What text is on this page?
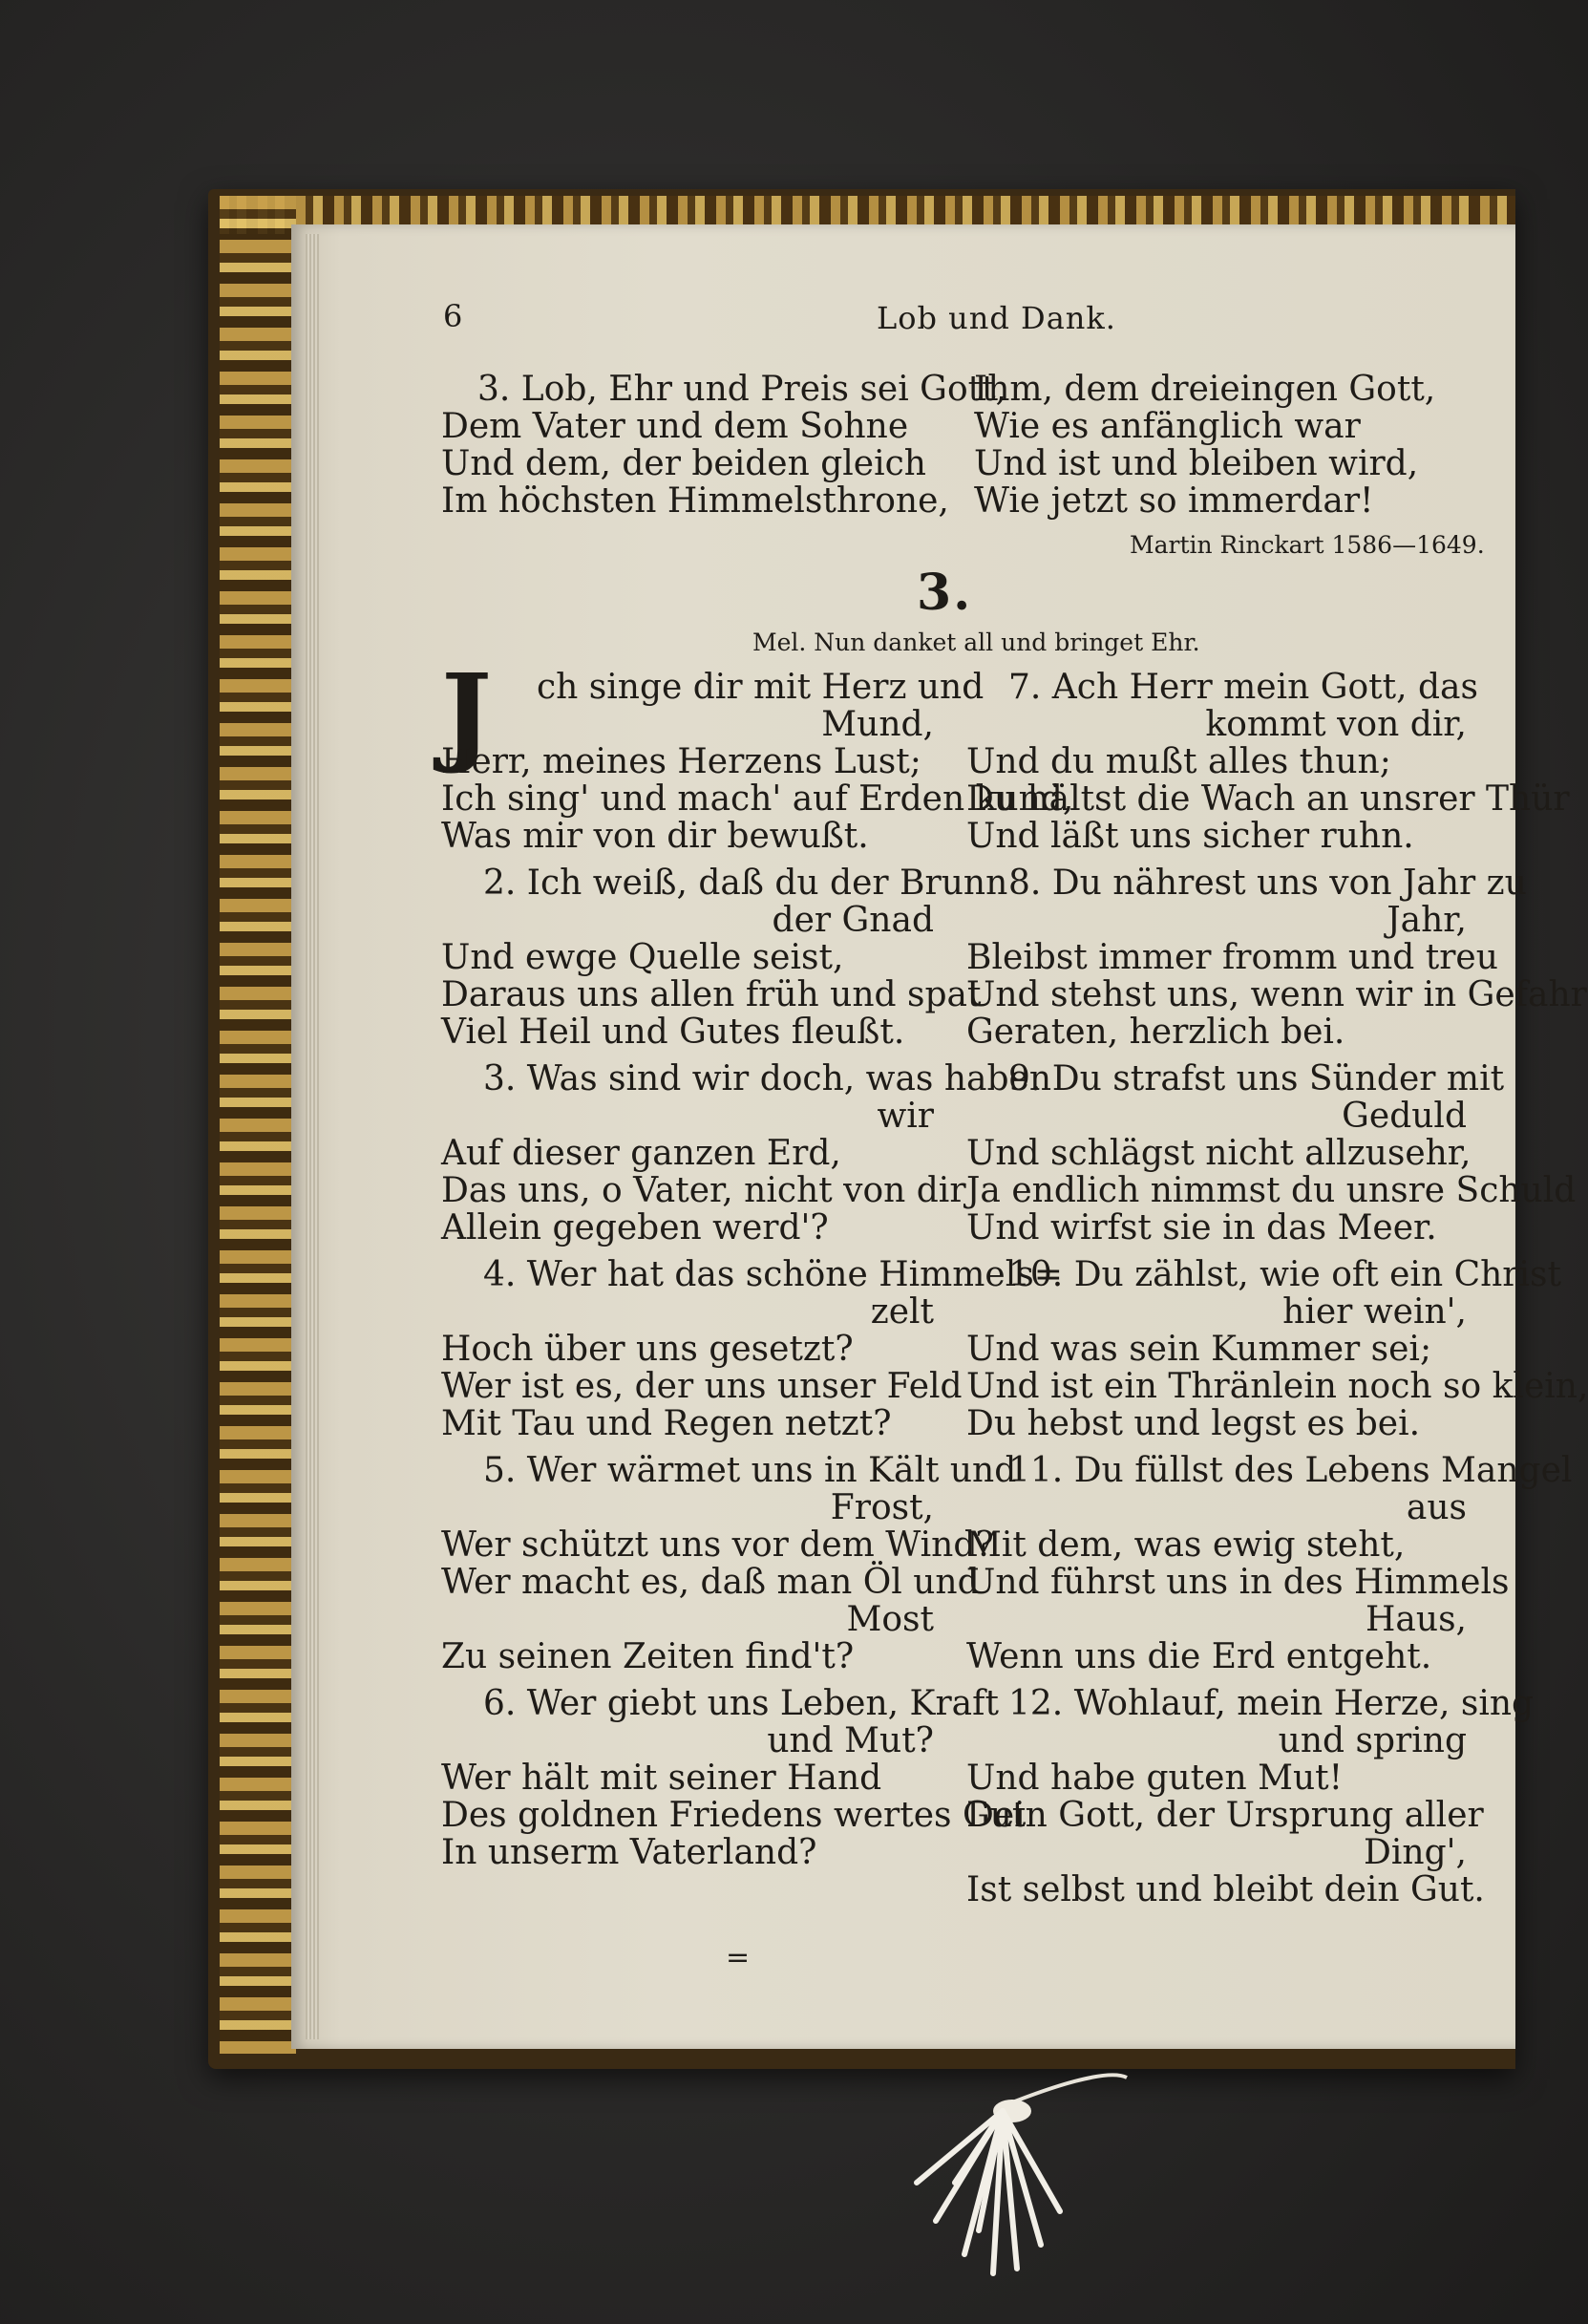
6	Lob und Dank.
3. Lob, Ehr und Preis sei Gott,
Dem Vater und dem Sohne
Und dem, der beiden gleich
Im höchsten Himmelsthrone,
Ihm, dem dreieingen Gott,
Wie es anfänglich war
Und ist und bleiben wird,
Wie jetzt so immerdar!
Martin Rinckart 1586—1649.
3.
Mel. Nun danket all und bringet Ehr.
J
=
ch singe dir mit Herz und
Mund,
Herr, meines Herzens Lust;
Ich sing' und mach' auf Erden kund,
Was mir von dir bewußt.
2. Ich weiß, daß du der Brunn
der Gnad
Und ewge Quelle seist,
Daraus uns allen früh und spat
Viel Heil und Gutes fleußt.
3. Was sind wir doch, was haben
wir
Auf dieser ganzen Erd,
Das uns, o Vater, nicht von dir
Allein gegeben werd'?
4. Wer hat das schöne Himmels=
zelt
Hoch über uns gesetzt?
Wer ist es, der uns unser Feld
Mit Tau und Regen netzt?
5. Wer wärmet uns in Kält und
Frost,
Wer schützt uns vor dem Wind?
Wer macht es, daß man Öl und
Most
Zu seinen Zeiten find't?
6. Wer giebt uns Leben, Kraft
und Mut?
Wer hält mit seiner Hand
Des goldnen Friedens wertes Gut
In unserm Vaterland?
7. Ach Herr mein Gott, das
kommt von dir,
Und du mußt alles thun;
Du hältst die Wach an unsrer Thür
Und läßt uns sicher ruhn.
8. Du nährest uns von Jahr zu
Jahr,
Bleibst immer fromm und treu
Und stehst uns, wenn wir in Gefahr
Geraten, herzlich bei.
9. Du strafst uns Sünder mit
Geduld
Und schlägst nicht allzusehr,
Ja endlich nimmst du unsre Schuld
Und wirfst sie in das Meer.
10. Du zählst, wie oft ein Christ
hier wein',
Und was sein Kummer sei;
Und ist ein Thränlein noch so klein,
Du hebst und legst es bei.
11. Du füllst des Lebens Mangel
aus
Mit dem, was ewig steht,
Und führst uns in des Himmels
Haus,
Wenn uns die Erd entgeht.
12. Wohlauf, mein Herze, sing
und spring
Und habe guten Mut!
Dein Gott, der Ursprung aller
Ding',
Ist selbst und bleibt dein Gut.
